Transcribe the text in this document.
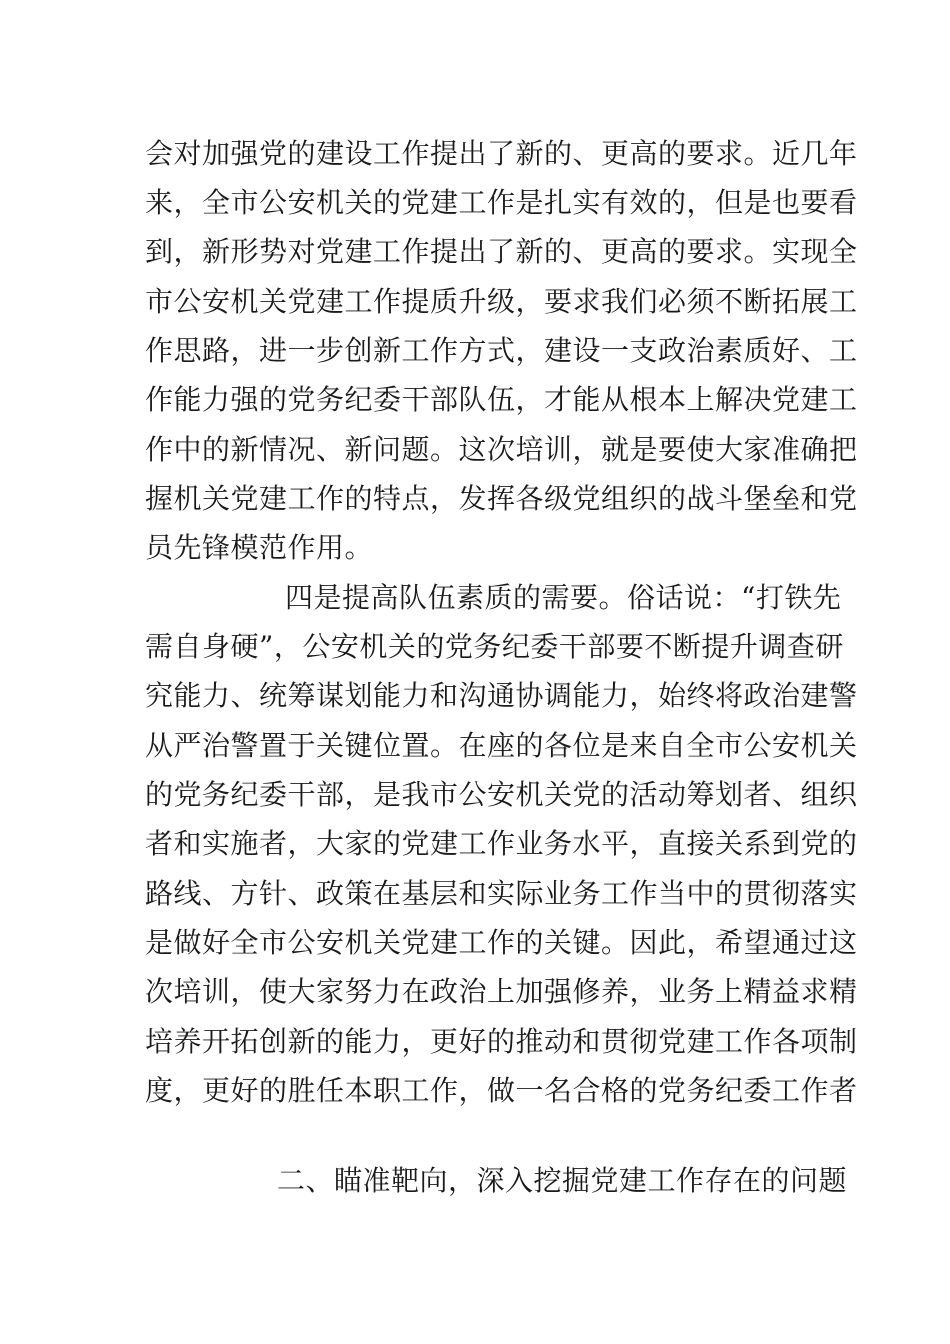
会对加强党的建设工作提出了新的、更高的要求。近几年
来，全市公安机关的党建工作是扎实有效的，但是也要看
到，新形势对党建工作提出了新的、更高的要求。实现全
市公安机关党建工作提质升级，要求我们必须不断拓展工
作思路，进一步创新工作方式，建设一支政治素质好、工
作能力强的党务纪委干部队伍，才能从根本上解决党建工
作中的新情况、新问题。这次培训，就是要使大家准确把
握机关党建工作的特点，发挥各级党组织的战斗堡垒和党
员先锋模范作用。
四是提高队伍素质的需要。俗话说：“打铁先
需自身硬”，公安机关的党务纪委干部要不断提升调查研
究能力、统筹谋划能力和沟通协调能力，始终将政治建警
从严治警置于关键位置。在座的各位是来自全市公安机关
的党务纪委干部，是我市公安机关党的活动筹划者、组织
者和实施者，大家的党建工作业务水平，直接关系到党的
路线、方针、政策在基层和实际业务工作当中的贯彻落实
是做好全市公安机关党建工作的关键。因此，希望通过这
次培训，使大家努力在政治上加强修养，业务上精益求精
培养开拓创新的能力，更好的推动和贯彻党建工作各项制
度，更好的胜任本职工作，做一名合格的党务纪委工作者
二、瞄准靶向，深入挖掘党建工作存在的问题
